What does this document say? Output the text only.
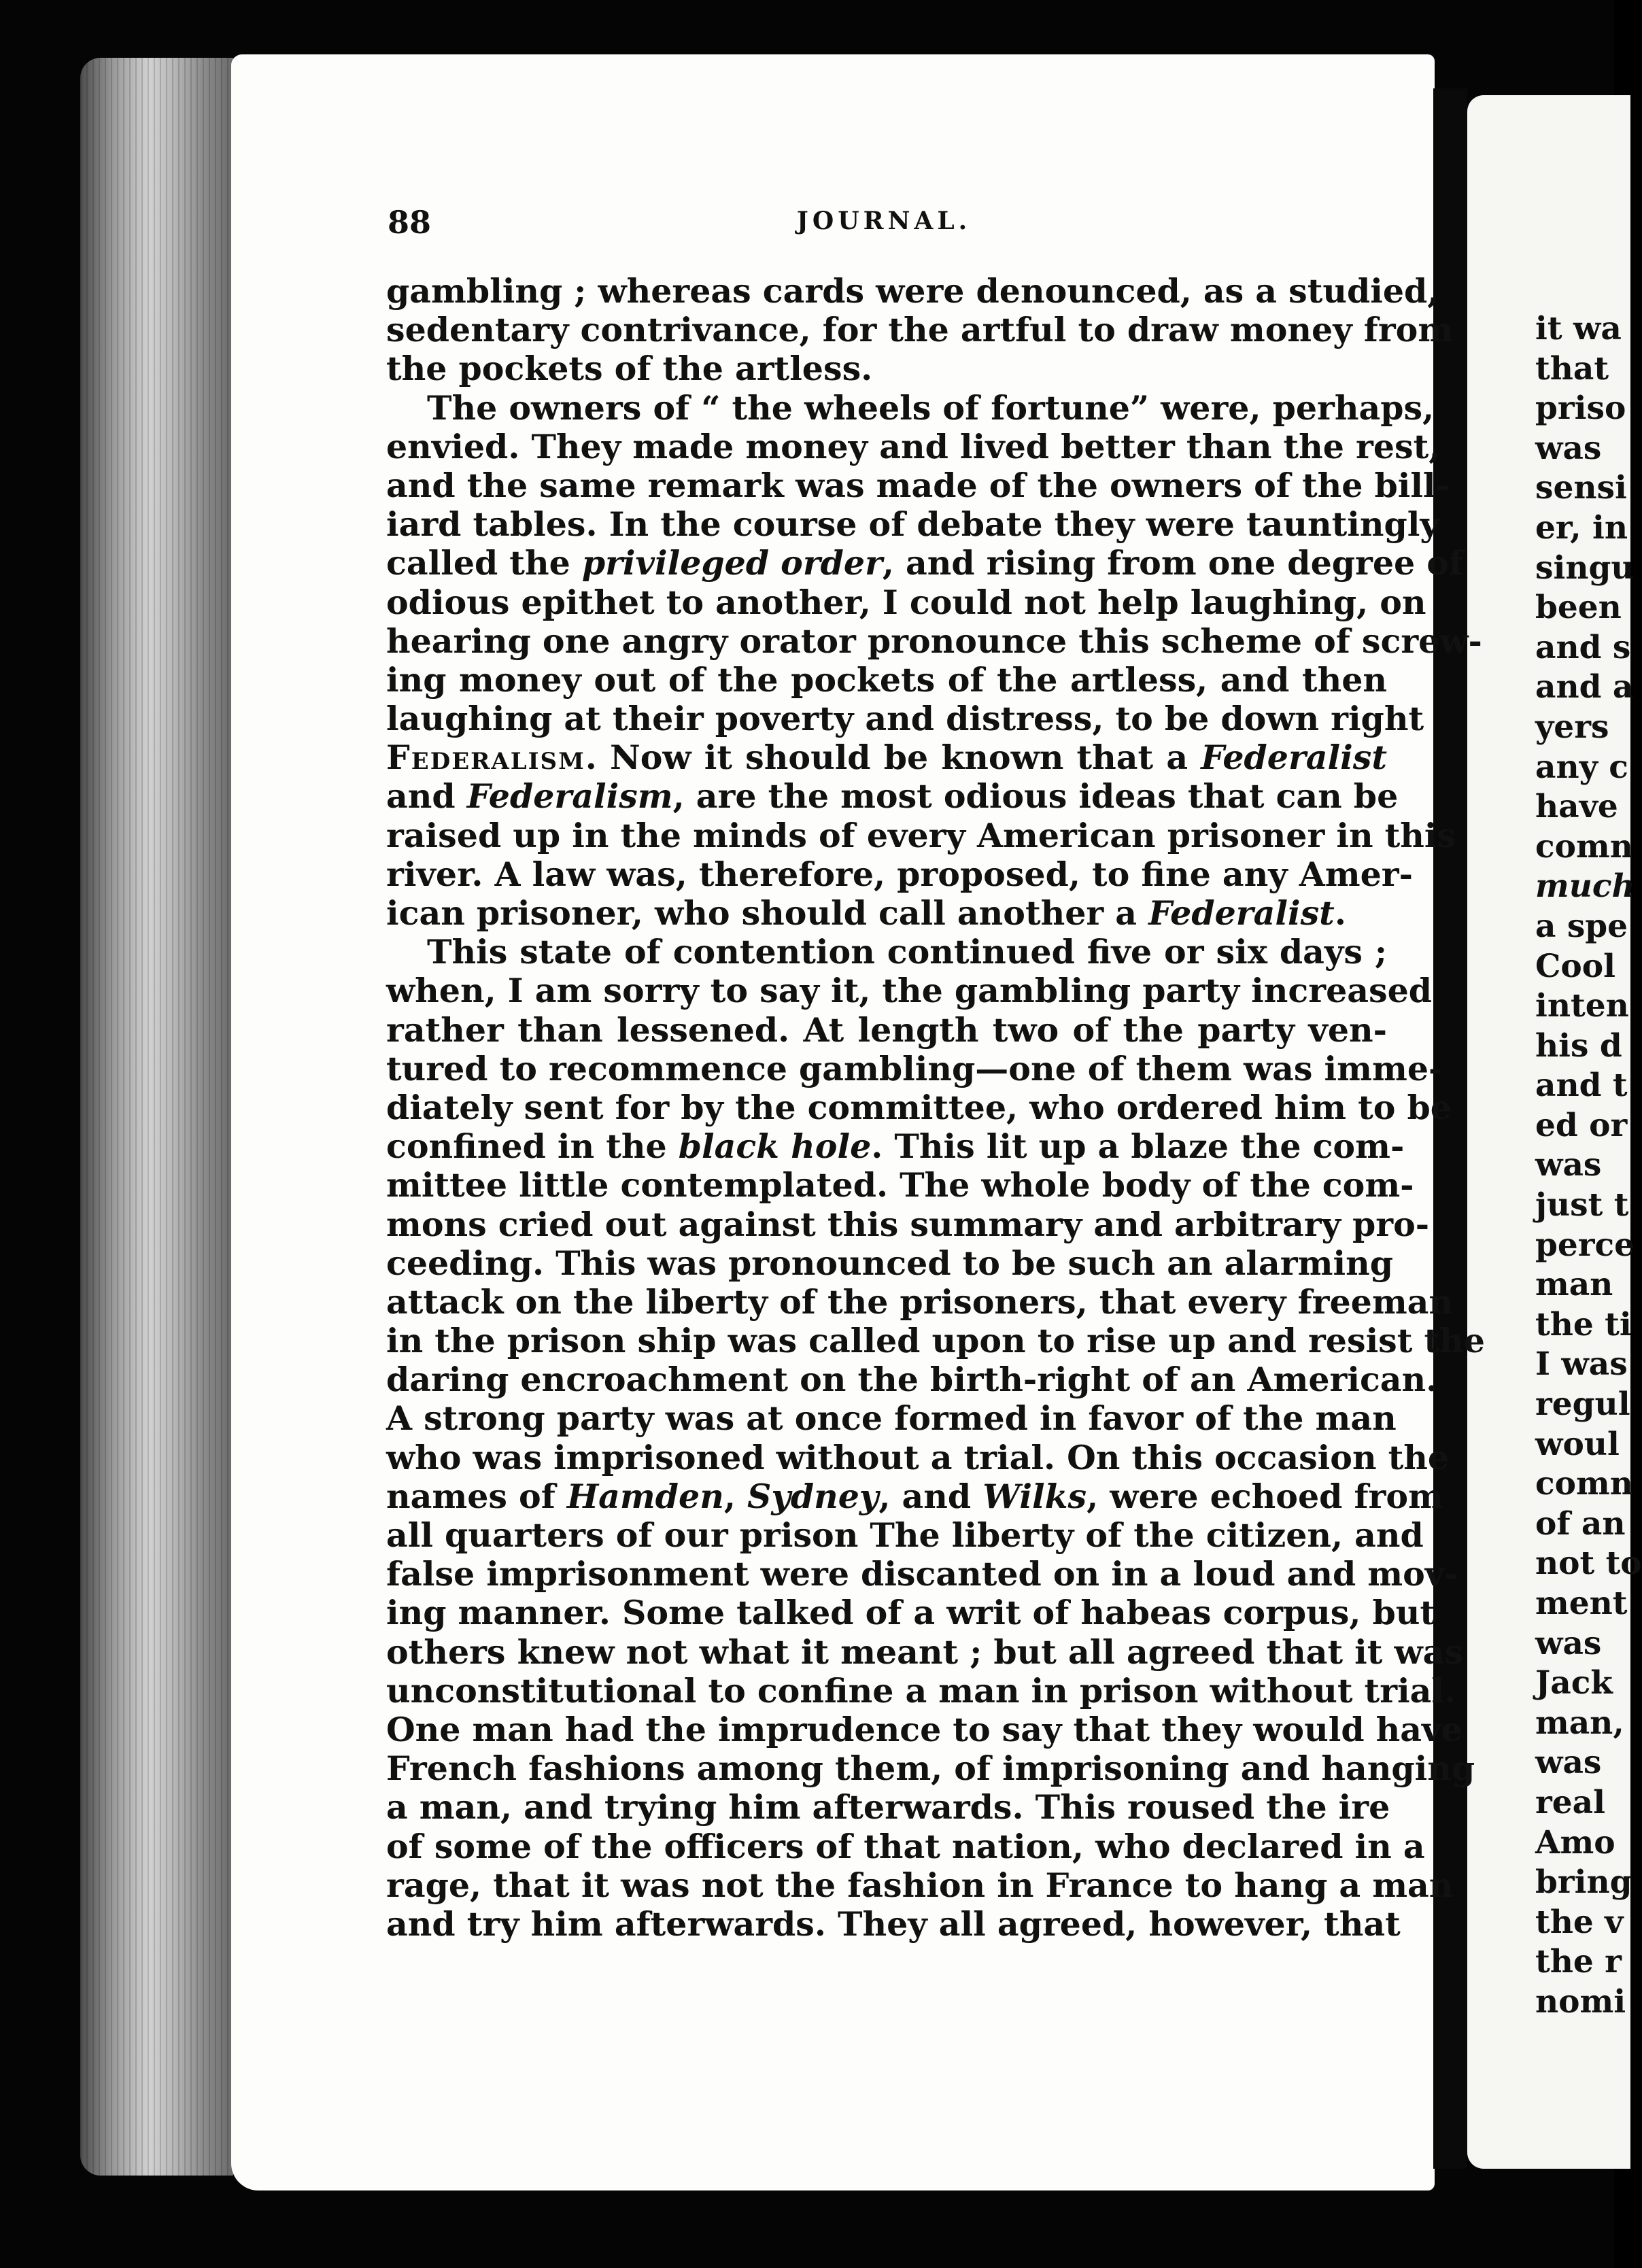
88	JOURNAL.
gambling ; whereas cards were denounced, as a studied,
sedentary contrivance, for the artful to draw money from
the pockets of the artless.
The owners of “ the wheels of fortune” were, perhaps,
envied. They made money and lived better than the rest,
and the same remark was made of the owners of the bill-
iard tables. In the course of debate they were tauntingly
called the privileged order, and rising from one degree of
odious epithet to another, I could not help laughing, on
hearing one angry orator pronounce this scheme of screw-
ing money out of the pockets of the artless, and then
laughing at their poverty and distress, to be down right
Federalism. Now it should be known that a Federalist
and Federalism, are the most odious ideas that can be
raised up in the minds of every American prisoner in this
river. A law was, therefore, proposed, to fine any Amer-
ican prisoner, who should call another a Federalist.
This state of contention continued five or six days ;
when, I am sorry to say it, the gambling party increased
rather than lessened. At length two of the party ven-
tured to recommence gambling—one of them was imme-
diately sent for by the committee, who ordered him to be
confined in the black hole. This lit up a blaze the com-
mittee little contemplated. The whole body of the com-
mons cried out against this summary and arbitrary pro-
ceeding. This was pronounced to be such an alarming
attack on the liberty of the prisoners, that every freeman
in the prison ship was called upon to rise up and resist the
daring encroachment on the birth-right of an American.
A strong party was at once formed in favor of the man
who was imprisoned without a trial. On this occasion the
names of Hamden, Sydney, and Wilks, were echoed from
all quarters of our prison The liberty of the citizen, and
false imprisonment were discanted on in a loud and mov-
ing manner. Some talked of a writ of habeas corpus, but
others knew not what it meant ; but all agreed that it was
unconstitutional to confine a man in prison without trial.
One man had the imprudence to say that they would have
French fashions among them, of imprisoning and hanging
a man, and trying him afterwards. This roused the ire
of some of the officers of that nation, who declared in a
rage, that it was not the fashion in France to hang a man
and try him afterwards. They all agreed, however, that
it wa
that
priso
was
sensi
er, in
singu
been
and s
and a
yers
any c
have
comn
much
a spe
Cool
inten
his d
and t
ed or
was
just t
perce
man
the ti
I was
regul
woul
comn
of an
not to
ment
was
Jack
man,
was
real
Amo
bring
the v
the r
nomi
